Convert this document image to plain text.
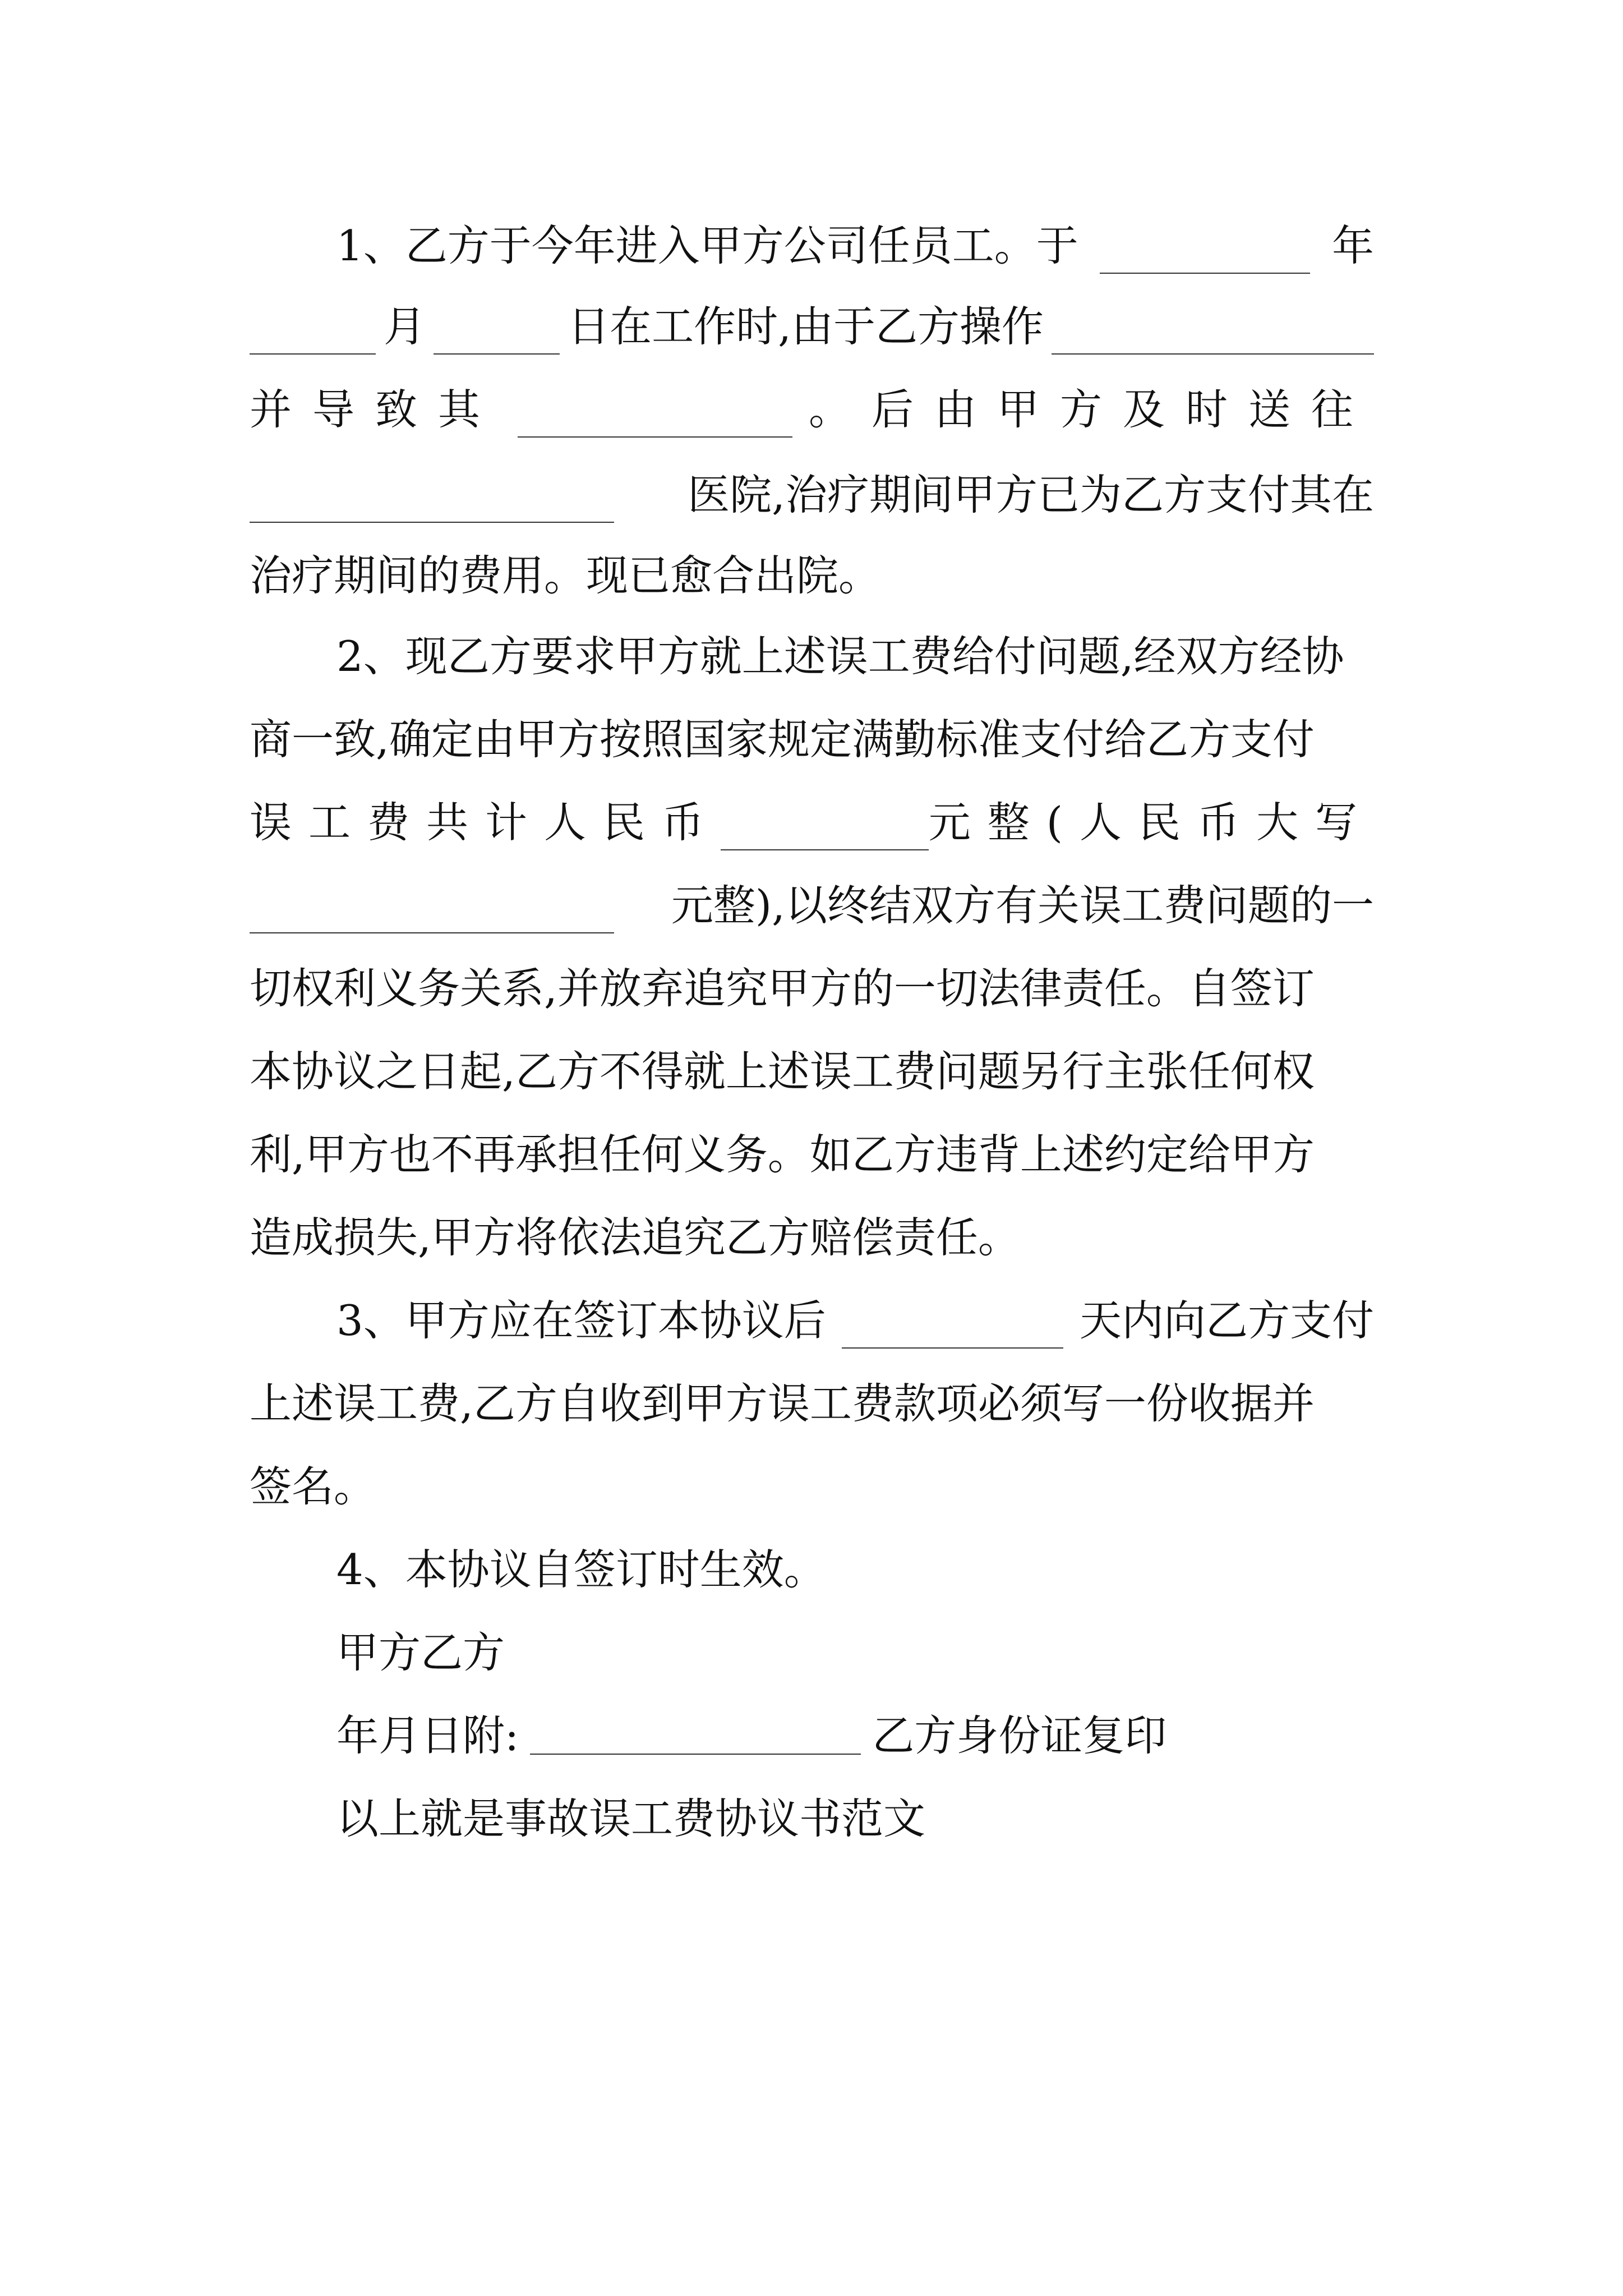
1、乙方于今年进入甲方公司任员工。于	年
月	日在工作时,由于乙方操作
并导致其	。后由甲方及时送往
医院,治疗期间甲方已为乙方支付其在
治疗期间的费用。现已愈合出院。
2、现乙方要求甲方就上述误工费给付问题,经双方经协
商一致,确定由甲方按照国家规定满勤标准支付给乙方支付
误工费共计人民币	元整(人民币大写
元整),以终结双方有关误工费问题的一
切权利义务关系,并放弃追究甲方的一切法律责任。自签订
本协议之日起,乙方不得就上述误工费问题另行主张任何权
利,甲方也不再承担任何义务。如乙方违背上述约定给甲方
造成损失,甲方将依法追究乙方赔偿责任。
3、甲方应在签订本协议后	天内向乙方支付
上述误工费,乙方自收到甲方误工费款项必须写一份收据并
签名。
4、本协议自签订时生效。
甲方乙方
年月日附:	乙方身份证复印
以上就是事故误工费协议书范文
